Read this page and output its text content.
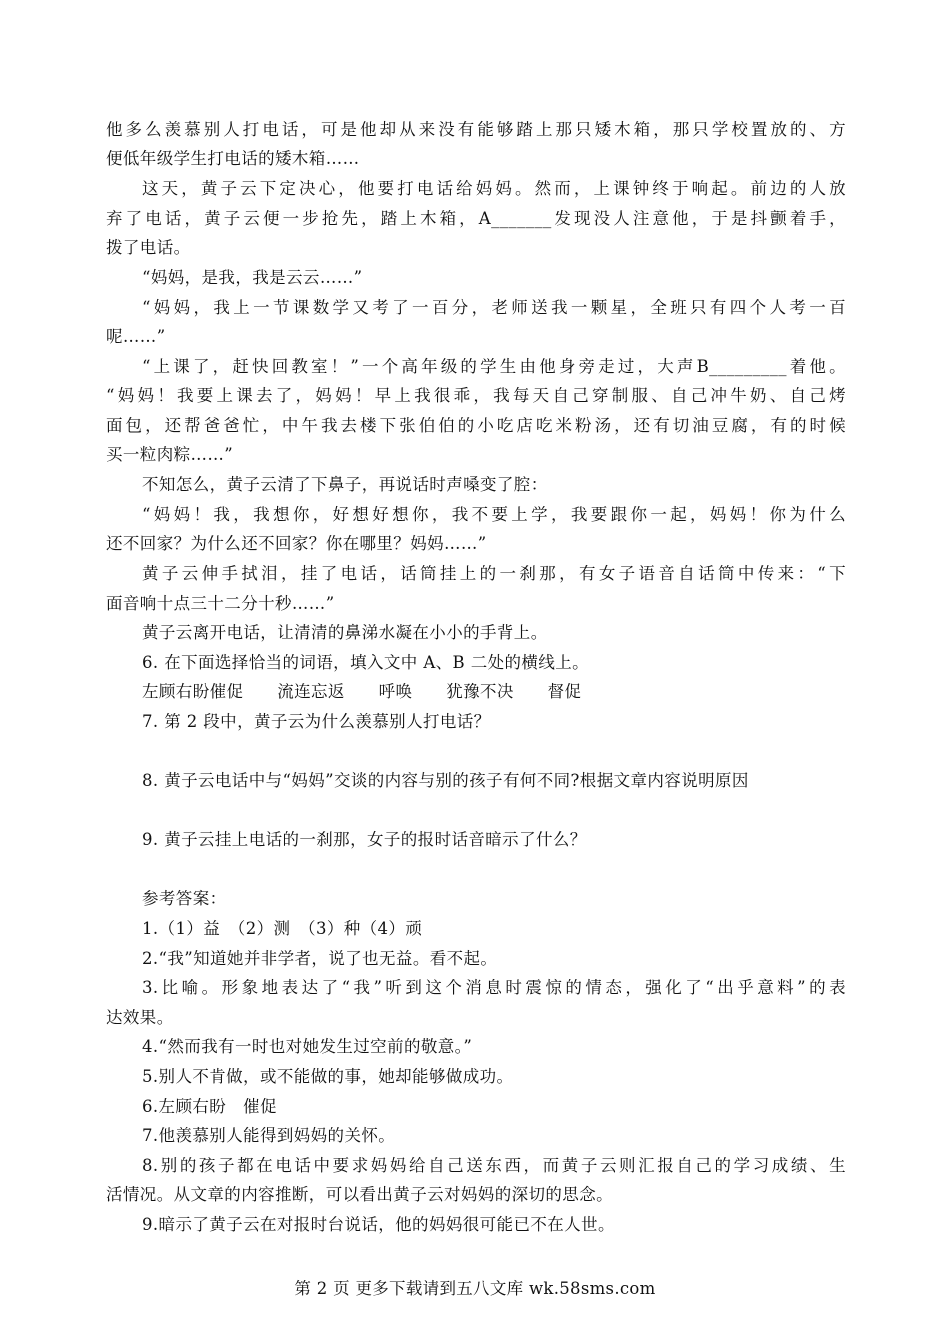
他多么羡慕别人打电话，可是他却从来没有能够踏上那只矮木箱，那只学校置放的、方
便低年级学生打电话的矮木箱……
这天，黄子云下定决心，他要打电话给妈妈。然而，上课钟终于响起。前边的人放
弃了电话，黄子云便一步抢先，踏上木箱，A_______发现没人注意他，于是抖颤着手，
拨了电话。
“妈妈，是我，我是云云……”
“妈妈，我上一节课数学又考了一百分，老师送我一颗星，全班只有四个人考一百
呢……”
“上课了，赶快回教室！”一个高年级的学生由他身旁走过，大声B_________着他。
“妈妈！我要上课去了，妈妈！早上我很乖，我每天自己穿制服、自己冲牛奶、自己烤
面包，还帮爸爸忙，中午我去楼下张伯伯的小吃店吃米粉汤，还有切油豆腐，有的时候
买一粒肉粽……”
不知怎么，黄子云清了下鼻子，再说话时声嗓变了腔：
“妈妈！我，我想你，好想好想你，我不要上学，我要跟你一起，妈妈！你为什么
还不回家？为什么还不回家？你在哪里？妈妈……”
黄子云伸手拭泪，挂了电话，话筒挂上的一刹那，有女子语音自话筒中传来：“下
面音响十点三十二分十秒……”
黄子云离开电话，让清清的鼻涕水凝在小小的手背上。
6. 在下面选择恰当的词语，填入文中 A、B 二处的横线上。
左顾右盼催促　　流连忘返　　呼唤　　犹豫不决　　督促
7. 第 2 段中，黄子云为什么羡慕别人打电话？
8. 黄子云电话中与“妈妈”交谈的内容与别的孩子有何不同?根据文章内容说明原因
9. 黄子云挂上电话的一刹那，女子的报时话音暗示了什么？
参考答案：
1.（1）益　（2）测　（3）种（4）顽
2.“我”知道她并非学者，说了也无益。看不起。
3.比喻。形象地表达了“我”听到这个消息时震惊的情态，强化了“出乎意料”的表
达效果。
4.“然而我有一时也对她发生过空前的敬意。”
5.别人不肯做，或不能做的事，她却能够做成功。
6.左顾右盼　催促
7.他羡慕别人能得到妈妈的关怀。
8.别的孩子都在电话中要求妈妈给自己送东西，而黄子云则汇报自己的学习成绩、生
活情况。从文章的内容推断，可以看出黄子云对妈妈的深切的思念。
9.暗示了黄子云在对报时台说话，他的妈妈很可能已不在人世。
第 2 页 更多下载请到五八文库 wk.58sms.com
